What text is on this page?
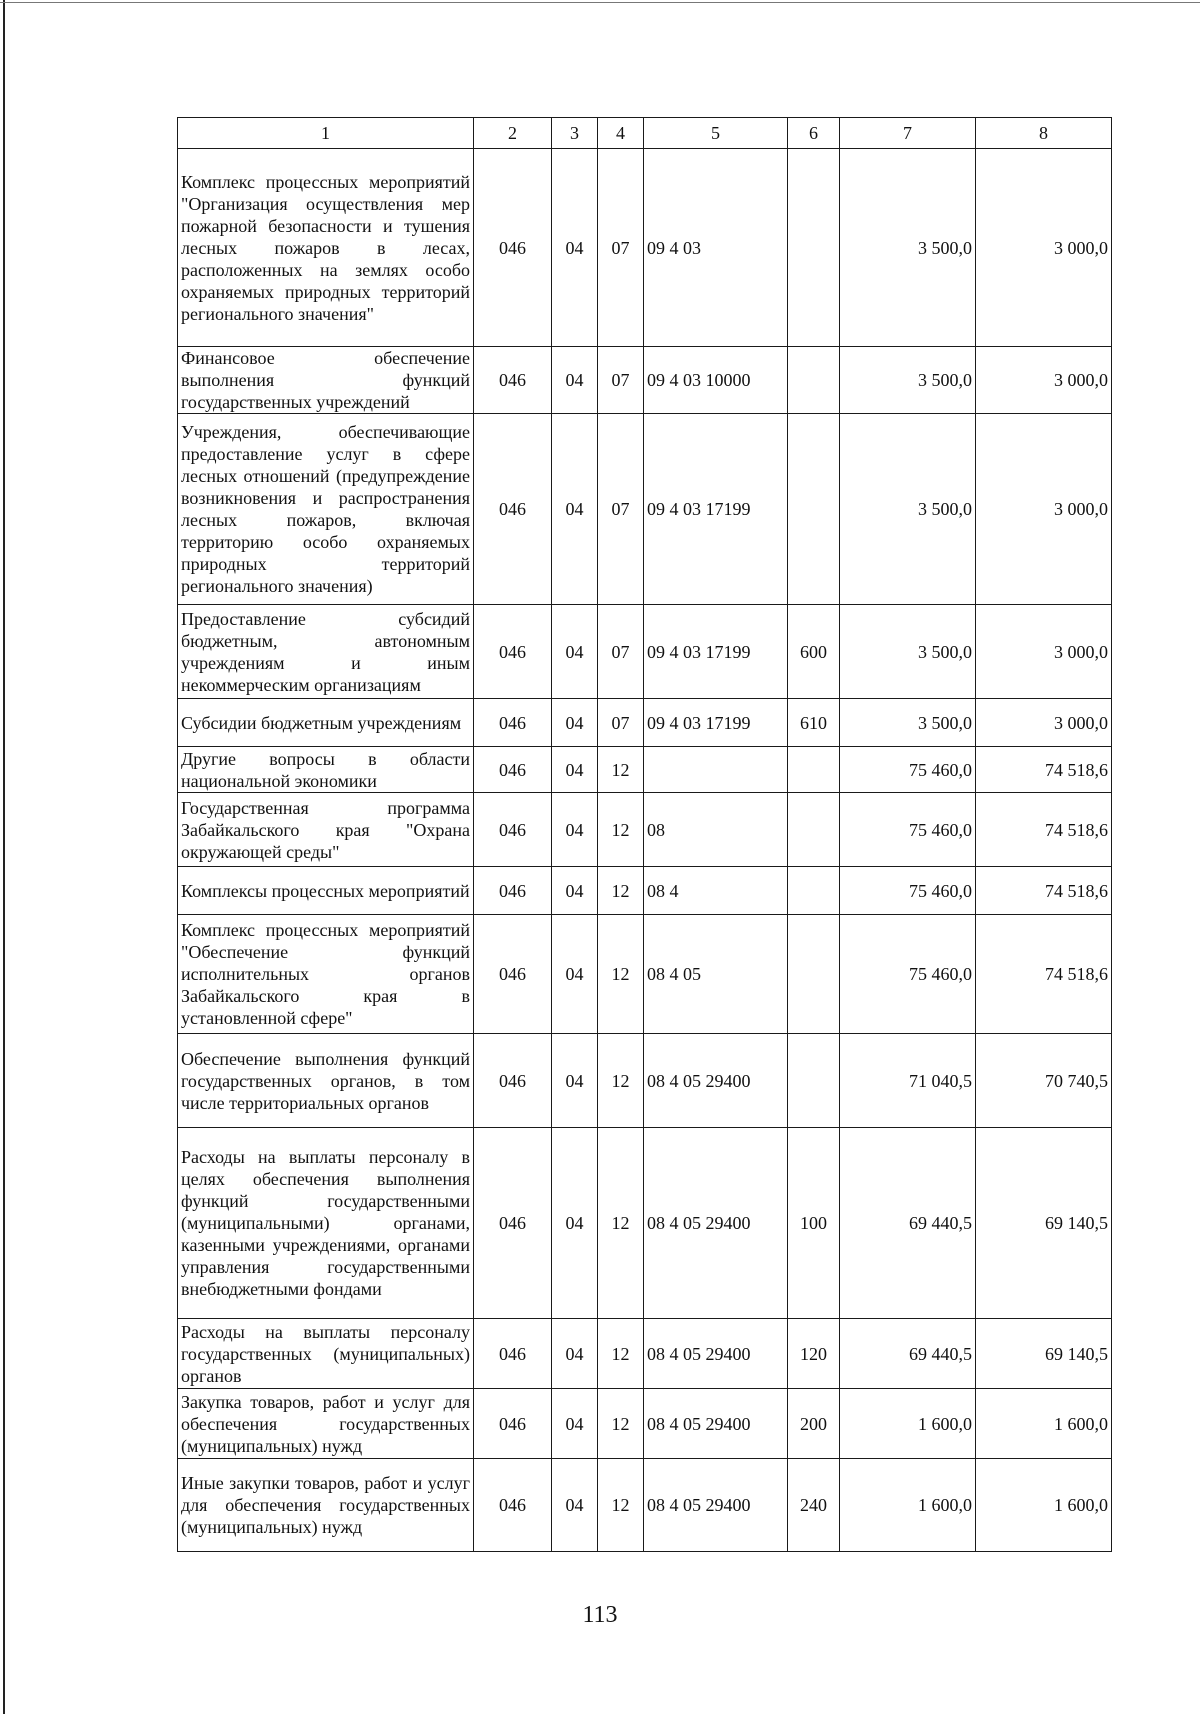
1	2	3	4	5	6	7	8
Комплекс процессных мероприятий "Организация осуществления мер пожарной безопасности и тушения лесных пожаров в лесах, расположенных на землях особо охраняемых природных территорий регионального значения"	046	04	07	09 4 03		3 500,0	3 000,0
Финансовое обеспечение выполнения функций государственных учреждений	046	04	07	09 4 03 10000		3 500,0	3 000,0
Учреждения, обеспечивающие предоставление услуг в сфере лесных отношений (предупреждение возникновения и распространения лесных пожаров, включая территорию особо охраняемых природных территорий регионального значения)	046	04	07	09 4 03 17199		3 500,0	3 000,0
Предоставление субсидий бюджетным, автономным учреждениям и иным некоммерческим организациям	046	04	07	09 4 03 17199	600	3 500,0	3 000,0
Субсидии бюджетным учреждениям	046	04	07	09 4 03 17199	610	3 500,0	3 000,0
Другие вопросы в области национальной экономики	046	04	12			75 460,0	74 518,6
Государственная программа Забайкальского края "Охрана окружающей среды"	046	04	12	08		75 460,0	74 518,6
Комплексы процессных мероприятий	046	04	12	08 4		75 460,0	74 518,6
Комплекс процессных мероприятий "Обеспечение функций исполнительных органов Забайкальского края в установленной сфере"	046	04	12	08 4 05		75 460,0	74 518,6
Обеспечение выполнения функций государственных органов, в том числе территориальных органов	046	04	12	08 4 05 29400		71 040,5	70 740,5
Расходы на выплаты персоналу в целях обеспечения выполнения функций государственными (муниципальными) органами, казенными учреждениями, органами управления государственными внебюджетными фондами	046	04	12	08 4 05 29400	100	69 440,5	69 140,5
Расходы на выплаты персоналу государственных (муниципальных) органов	046	04	12	08 4 05 29400	120	69 440,5	69 140,5
Закупка товаров, работ и услуг для обеспечения государственных (муниципальных) нужд	046	04	12	08 4 05 29400	200	1 600,0	1 600,0
Иные закупки товаров, работ и услуг для обеспечения государственных (муниципальных) нужд	046	04	12	08 4 05 29400	240	1 600,0	1 600,0
113
